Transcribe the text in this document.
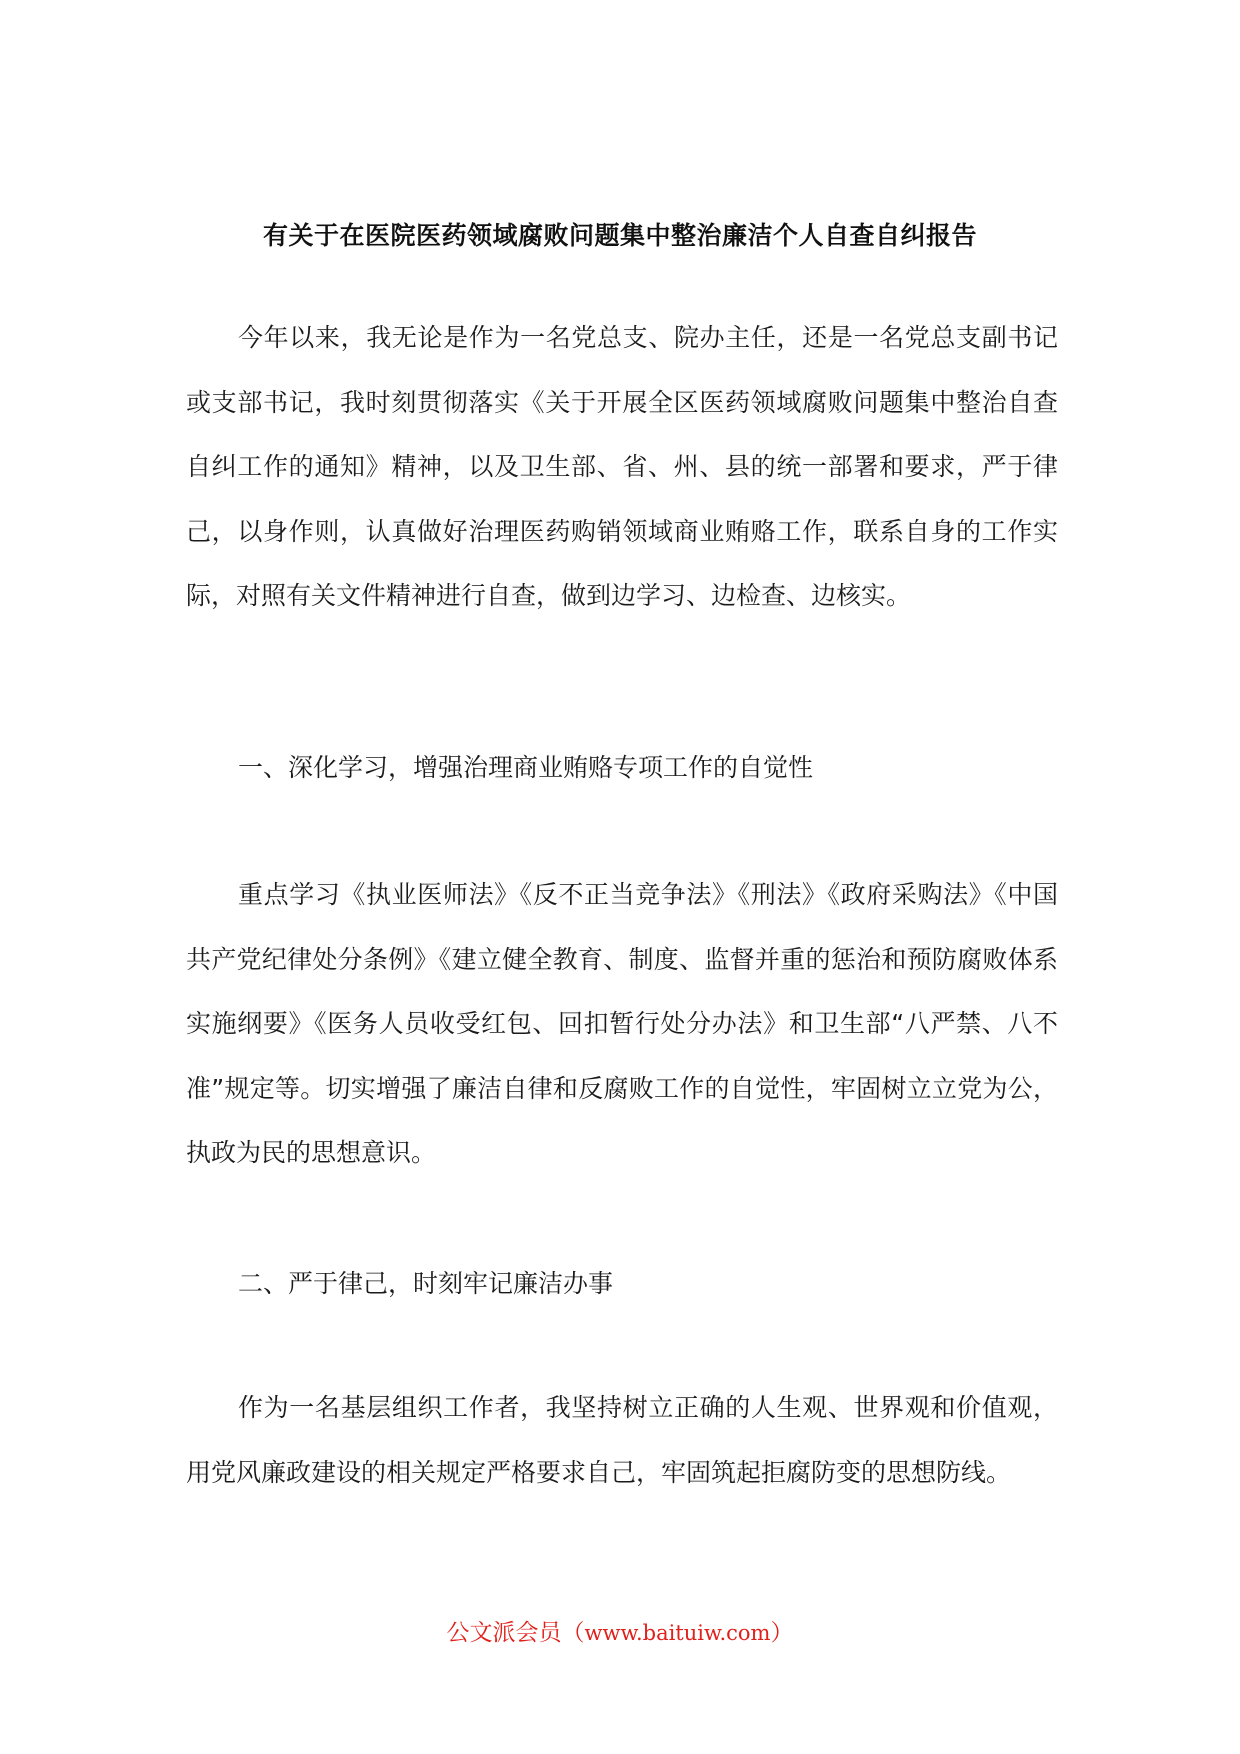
有关于在医院医药领域腐败问题集中整治廉洁个人自查自纠报告

今年以来，我无论是作为一名党总支、院办主任，还是一名党总支副书记或支部书记，我时刻贯彻落实《关于开展全区医药领域腐败问题集中整治自查自纠工作的通知》精神，以及卫生部、省、州、县的统一部署和要求，严于律己，以身作则，认真做好治理医药购销领域商业贿赂工作，联系自身的工作实际，对照有关文件精神进行自查，做到边学习、边检查、边核实。

一、深化学习，增强治理商业贿赂专项工作的自觉性

重点学习《执业医师法》《反不正当竞争法》《刑法》《政府采购法》《中国共产党纪律处分条例》《建立健全教育、制度、监督并重的惩治和预防腐败体系实施纲要》《医务人员收受红包、回扣暂行处分办法》和卫生部“八严禁、八不准”规定等。切实增强了廉洁自律和反腐败工作的自觉性，牢固树立立党为公，执政为民的思想意识。

二、严于律己，时刻牢记廉洁办事

作为一名基层组织工作者，我坚持树立正确的人生观、世界观和价值观，用党风廉政建设的相关规定严格要求自己，牢固筑起拒腐防变的思想防线。

公文派会员（www.baituiw.com）
